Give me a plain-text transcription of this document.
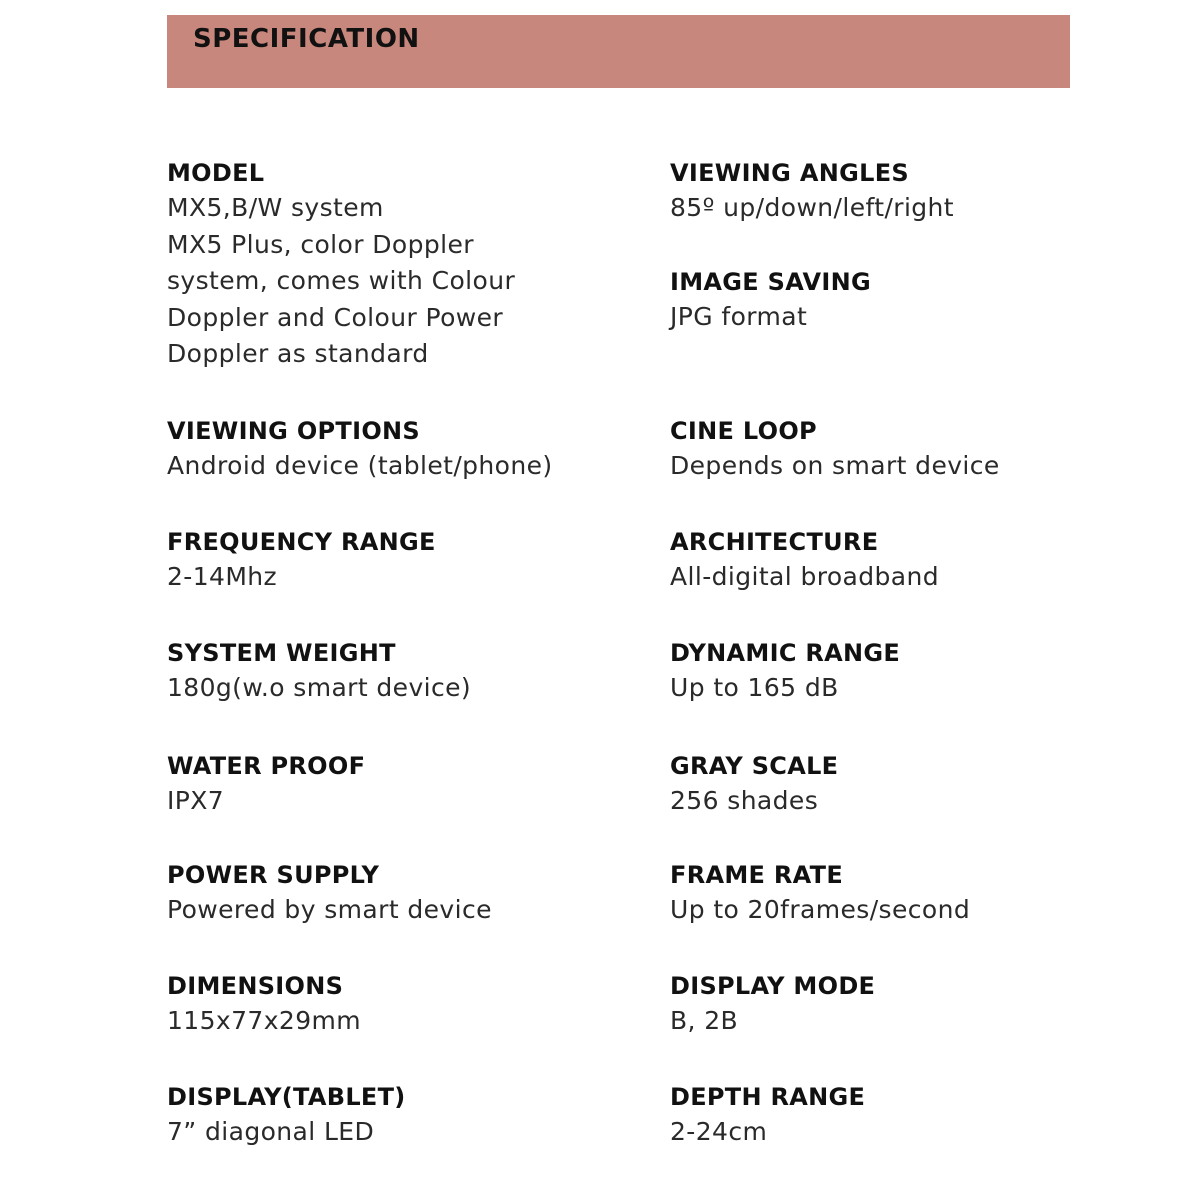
SPECIFICATION
MODEL
MX5,B/W system
MX5 Plus, color Doppler
system, comes with Colour
Doppler and Colour Power
Doppler as standard
VIEWING OPTIONS
Android device (tablet/phone)
FREQUENCY RANGE
2-14Mhz
SYSTEM WEIGHT
180g(w.o smart device)
WATER PROOF
IPX7
POWER SUPPLY
Powered by smart device
DIMENSIONS
115x77x29mm
DISPLAY(TABLET)
7” diagonal LED
VIEWING ANGLES
85º up/down/left/right
IMAGE SAVING
JPG format
CINE LOOP
Depends on smart device
ARCHITECTURE
All-digital broadband
DYNAMIC RANGE
Up to 165 dB
GRAY SCALE
256 shades
FRAME RATE
Up to 20frames/second
DISPLAY MODE
B, 2B
DEPTH RANGE
2-24cm
